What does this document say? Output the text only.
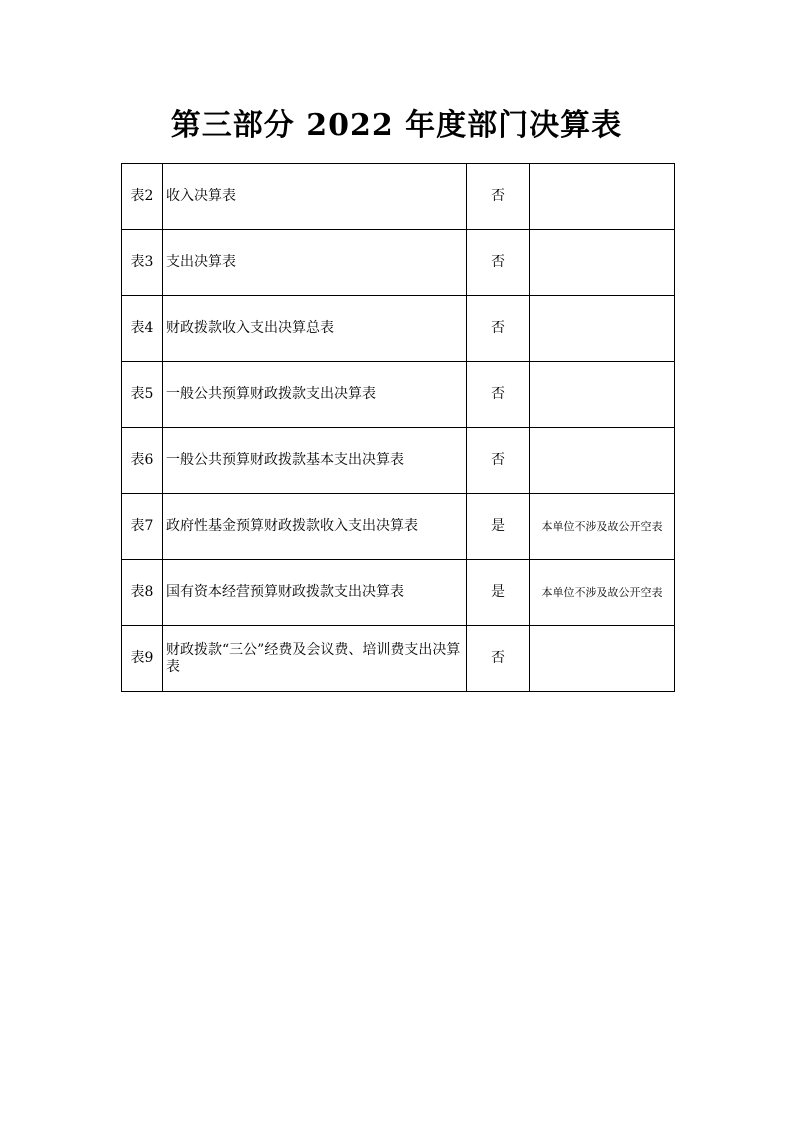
第三部分 2022 年度部门决算表
表2	收入决算表	否	
表3	支出决算表	否	
表4	财政拨款收入支出决算总表	否	
表5	一般公共预算财政拨款支出决算表	否	
表6	一般公共预算财政拨款基本支出决算表	否	
表7	政府性基金预算财政拨款收入支出决算表	是	本单位不涉及故公开空表
表8	国有资本经营预算财政拨款支出决算表	是	本单位不涉及故公开空表
表9	财政拨款“三公”经费及会议费、培训费支出决算表	否	
